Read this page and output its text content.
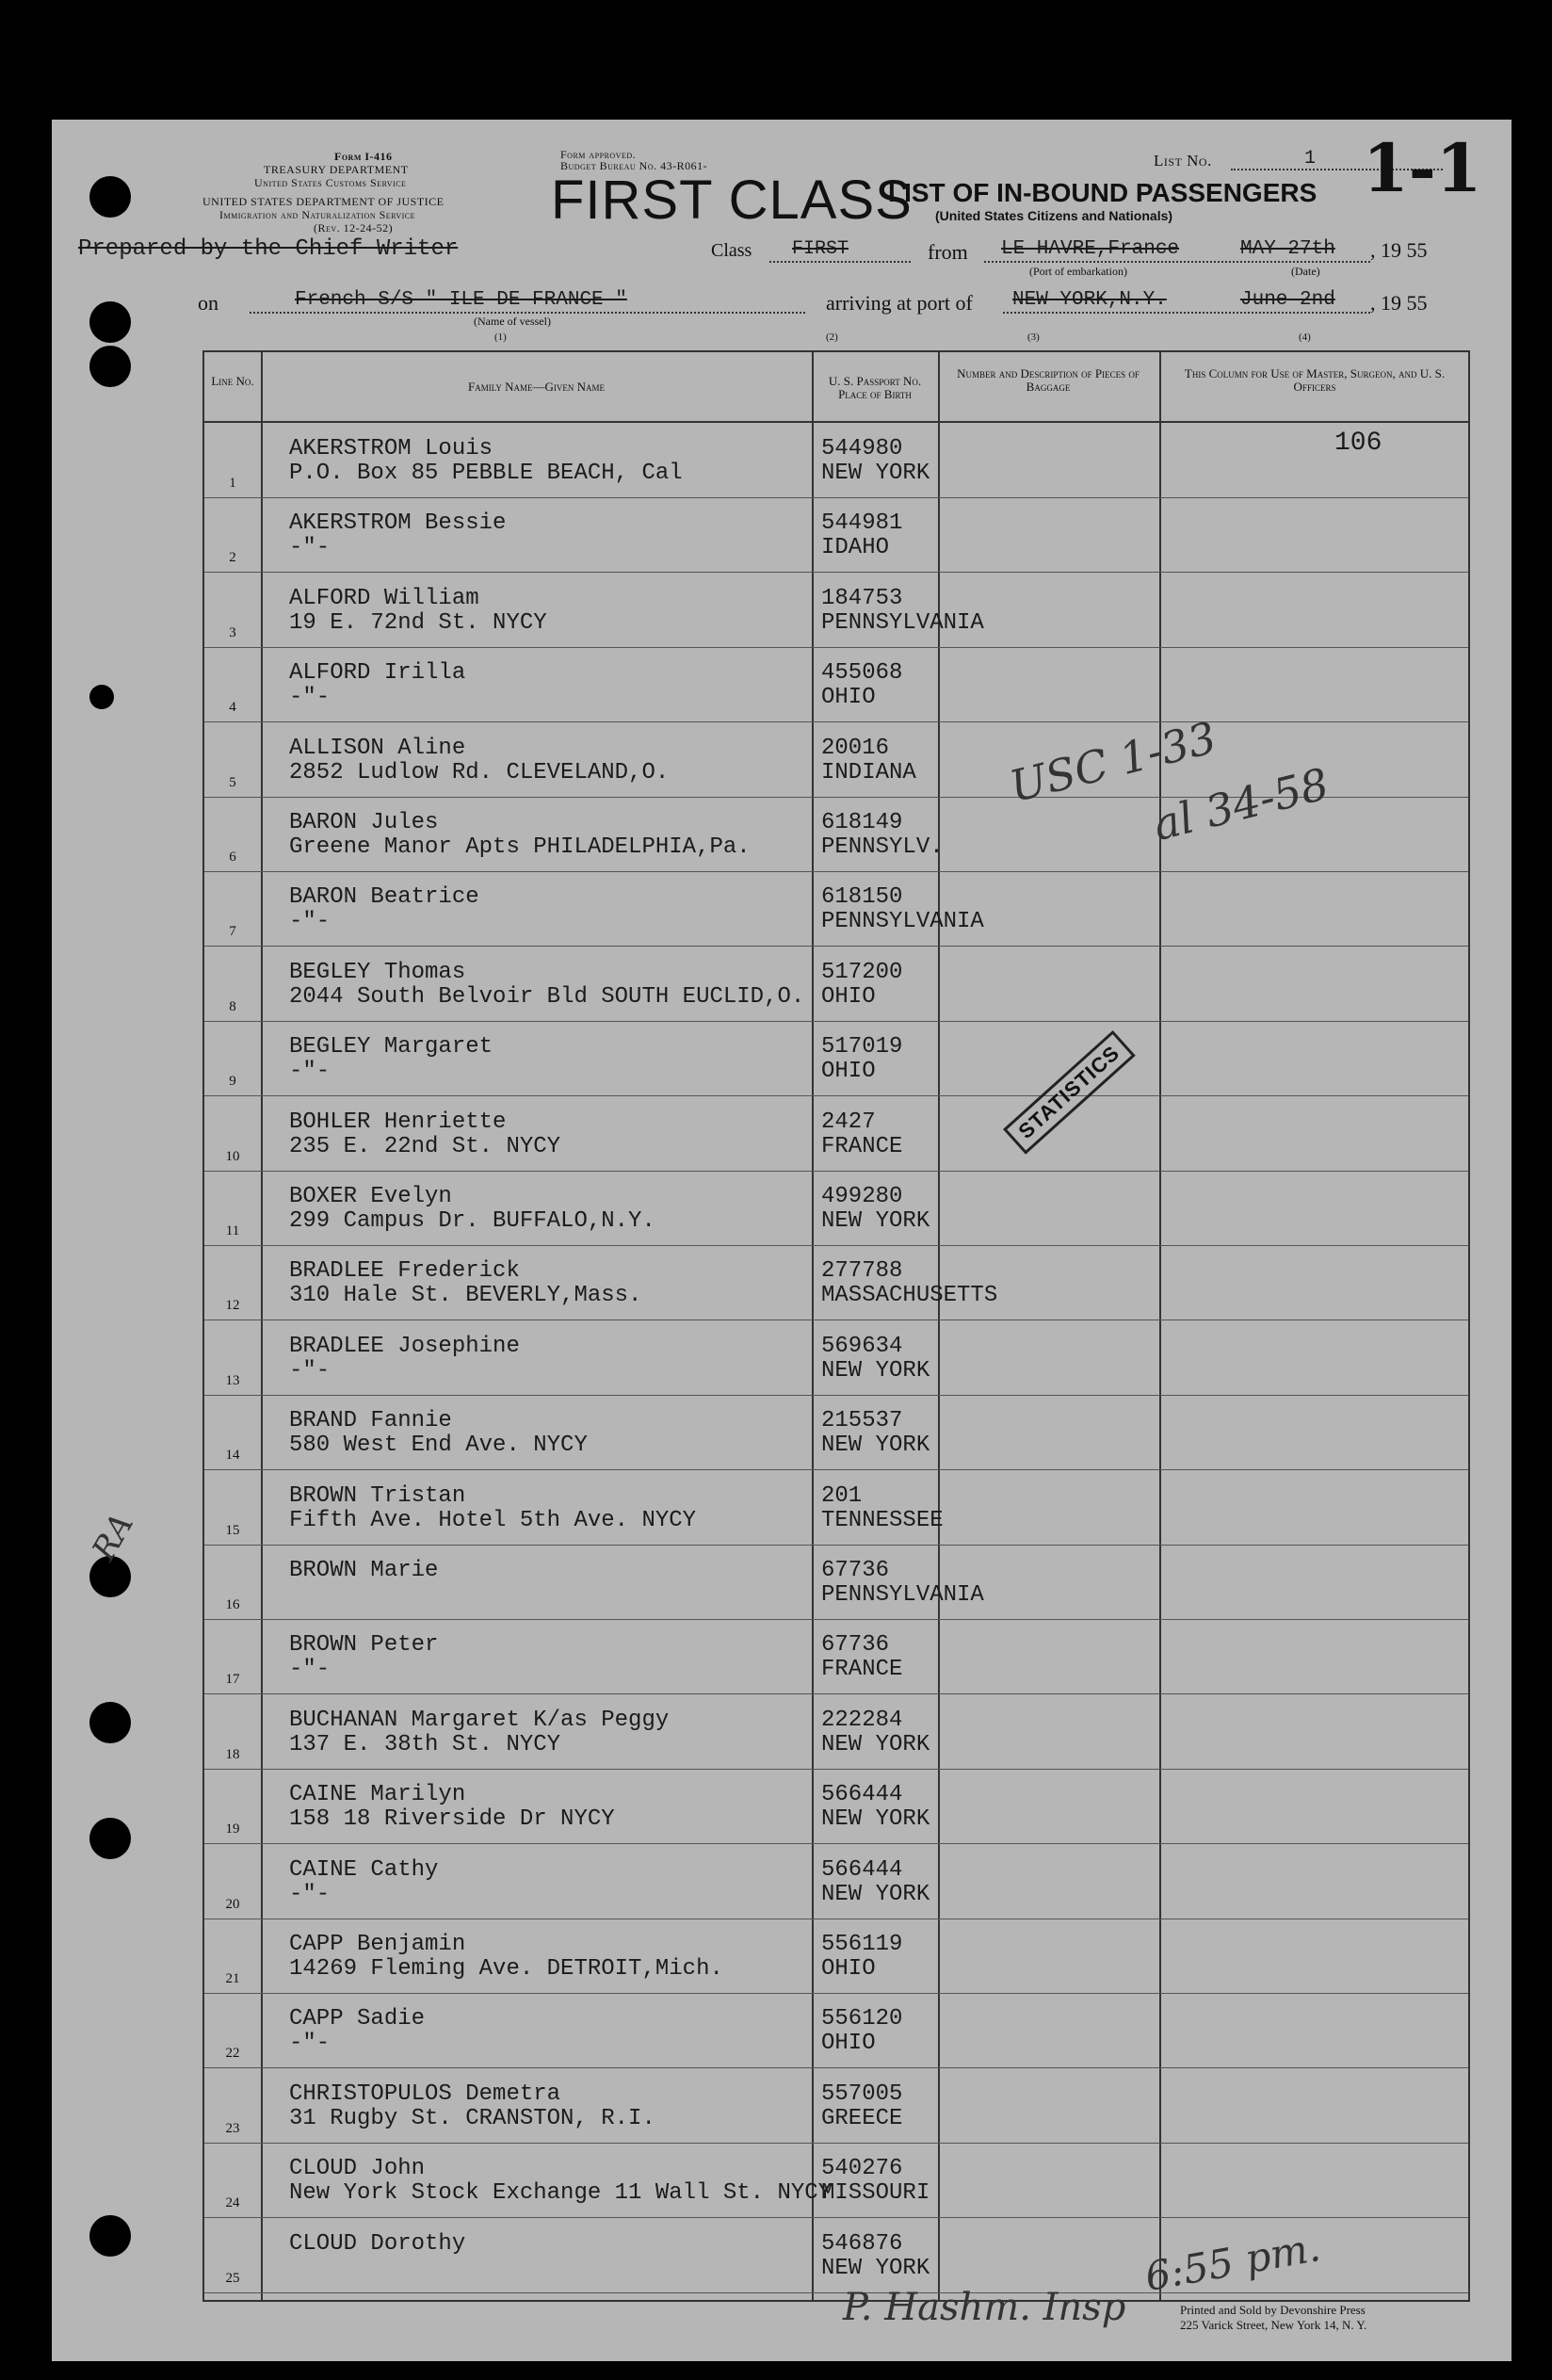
Form I-416
TREASURY DEPARTMENT
United States Customs Service
UNITED STATES DEPARTMENT OF JUSTICE
Immigration and Naturalization Service
(Rev. 12-24-52)
Form approved.
Budget Bureau No. 43-R061-
FIRST CLASS
LIST OF IN-BOUND PASSENGERS
(United States Citizens and Nationals)
List No.	1 1-1
Prepared by the Chief Writer	Class FIRST	from LE HAVRE,France	MAY 27th , 19 55
(Port of embarkation)	(Date)
on	French S/S " ILE DE FRANCE "
(Name of vessel)
arriving at port of NEW YORK,N.Y.	June 2nd , 19 55
(1)	(2)	(3)	(4)
Line No.	Family Name—Given Name	U. S. Passport No. Place of Birth
Number and Description of Pieces of Baggage
This Column for Use of Master, Surgeon, and U. S. Officers
1
AKERSTROM Louis
P.O. Box 85 PEBBLE BEACH, Cal
544980
NEW YORK
106
2
AKERSTROM Bessie
-"-
544981
IDAHO
3
ALFORD William
19 E. 72nd St. NYCY
184753
PENNSYLVANIA
4
ALFORD Irilla
-"-
455068
OHIO
5
ALLISON Aline
2852 Ludlow Rd. CLEVELAND,O.
20016
INDIANA
6
BARON Jules
Greene Manor Apts PHILADELPHIA,Pa.
618149
PENNSYLV.
7
BARON Beatrice
-"-
618150
PENNSYLVANIA
8
BEGLEY Thomas
2044 South Belvoir Bld SOUTH EUCLID,O.
517200
OHIO
9
BEGLEY Margaret
-"-
517019
OHIO
10
BOHLER Henriette
235 E. 22nd St. NYCY
2427
FRANCE
11
BOXER Evelyn
299 Campus Dr. BUFFALO,N.Y.
499280
NEW YORK
12
BRADLEE Frederick
310 Hale St. BEVERLY,Mass.
277788
MASSACHUSETTS
13
BRADLEE Josephine
-"-
569634
NEW YORK
14
BRAND Fannie
580 West End Ave. NYCY
215537
NEW YORK
15
BROWN Tristan
Fifth Ave. Hotel 5th Ave. NYCY
201
TENNESSEE
16
BROWN Marie	67736
PENNSYLVANIA
17
BROWN Peter
-"-
67736
FRANCE
18
BUCHANAN Margaret K/as Peggy
137 E. 38th St. NYCY
222284
NEW YORK
19
CAINE Marilyn
158 18 Riverside Dr NYCY
566444
NEW YORK
20
CAINE Cathy
-"-
566444
NEW YORK
21
CAPP Benjamin
14269 Fleming Ave. DETROIT,Mich.
556119
OHIO
22
CAPP Sadie
-"-
556120
OHIO
23
CHRISTOPULOS Demetra
31 Rugby St. CRANSTON, R.I.
557005
GREECE
24
CLOUD John
New York Stock Exchange 11 Wall St. NYCY
540276
MISSOURI
25
CLOUD Dorothy	546876
NEW YORK
STATISTICS
USC 1-33
al 34-58
RA
P. Hashm. Insp
6:55 pm.
Printed and Sold by Devonshire Press
225 Varick Street, New York 14, N. Y.
